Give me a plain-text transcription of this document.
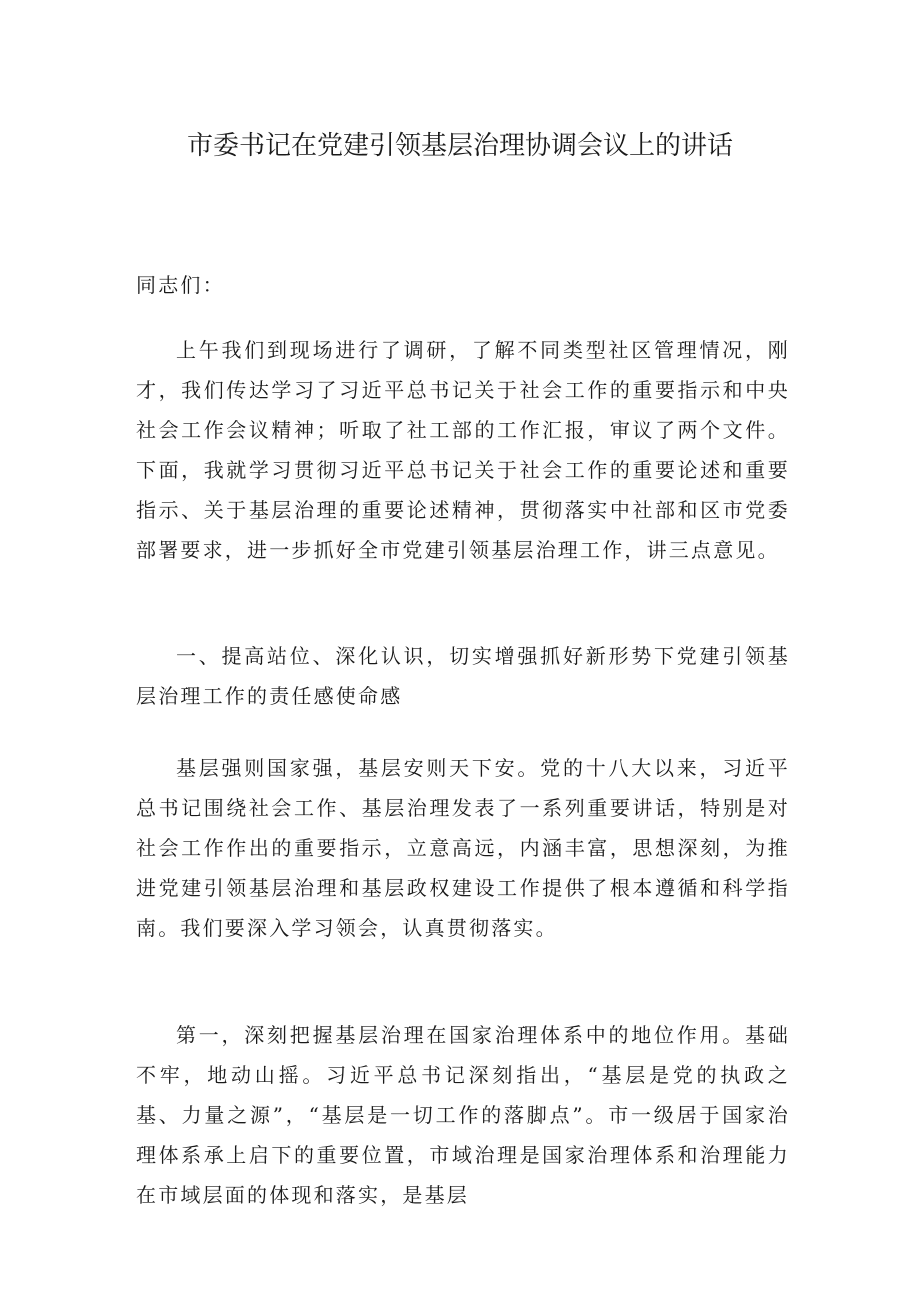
市委书记在党建引领基层治理协调会议上的讲话

同志们：

上午我们到现场进行了调研，了解不同类型社区管理情况，刚才，我们传达学习了习近平总书记关于社会工作的重要指示和中央社会工作会议精神；听取了社工部的工作汇报，审议了两个文件。下面，我就学习贯彻习近平总书记关于社会工作的重要论述和重要指示、关于基层治理的重要论述精神，贯彻落实中社部和区市党委部署要求，进一步抓好全市党建引领基层治理工作，讲三点意见。

一、提高站位、深化认识，切实增强抓好新形势下党建引领基层治理工作的责任感使命感

基层强则国家强，基层安则天下安。党的十八大以来，习近平总书记围绕社会工作、基层治理发表了一系列重要讲话，特别是对社会工作作出的重要指示，立意高远，内涵丰富，思想深刻，为推进党建引领基层治理和基层政权建设工作提供了根本遵循和科学指南。我们要深入学习领会，认真贯彻落实。

第一，深刻把握基层治理在国家治理体系中的地位作用。基础不牢，地动山摇。习近平总书记深刻指出，“基层是党的执政之基、力量之源”，“基层是一切工作的落脚点”。市一级居于国家治理体系承上启下的重要位置，市域治理是国家治理体系和治理能力在市域层面的体现和落实，是基层
